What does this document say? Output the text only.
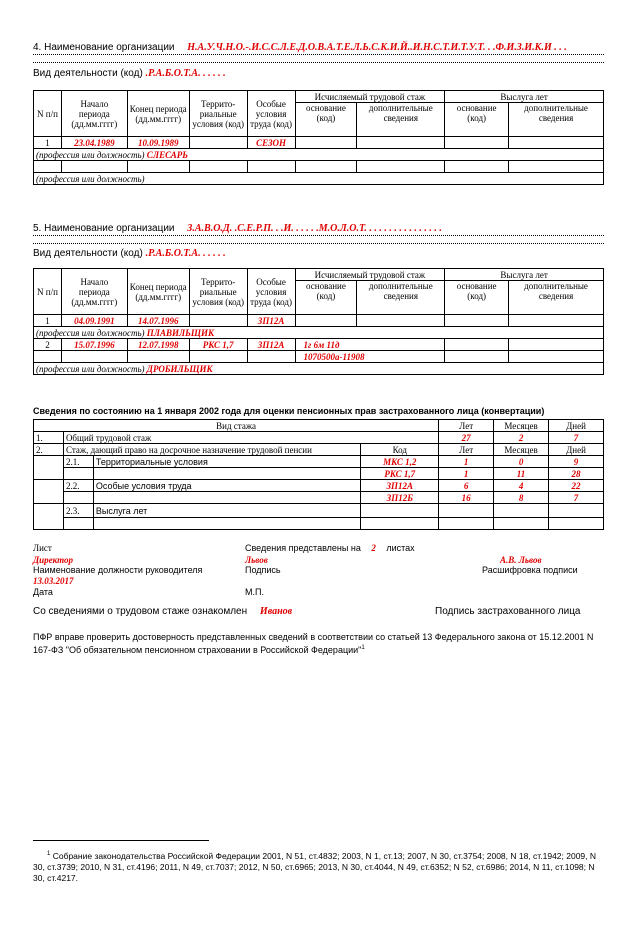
4. Наименование организации Н.А.У.Ч.Н.О.-.И.С.С.Л.Е.Д.О.В.А.Т.Е.Л.Ь.С.К.И.Й..И.Н.С.Т.И.Т.У.Т. . .Ф.И.З.И.К.И . . .
Вид деятельности (код) .Р.А.Б.О.Т.А. . . . . .
N п/п	Начало периода (дд.мм.гггг)	Конец периода (дд.мм.гггг)	Террито-риальные условия (код)	Особые условия труда (код)	Исчисляемый трудовой стаж		Выслуга лет	
					основание (код)	дополнительные сведения	основание (код)	дополнительные сведения
1	23.04.1989	10.09.1989		СЕЗОН				
(профессия или должность) СЛЕСАРЬ								

(профессия или должность)								
5. Наименование организации З.А.В.О.Д. .С.Е.Р.П. . .И. . . . . .М.О.Л.О.Т. . . . . . . . . . . . . . . .
Вид деятельности (код) .Р.А.Б.О.Т.А. . . . . .
N п/п	Начало периода (дд.мм.гггг)	Конец периода (дд.мм.гггг)	Террито-риальные условия (код)	Особые условия труда (код)	Исчисляемый трудовой стаж		Выслуга лет	
					основание (код)	дополнительные сведения	основание (код)	дополнительные сведения
1	04.09.1991	14.07.1996		ЗП12А				
(профессия или должность) ПЛАВИЛЬЩИК								
2	15.07.1996	12.07.1998	РКС 1,7	ЗП12А	1г 6м 11д			
					1070500а-11908			
(профессия или должность) ДРОБИЛЬЩИК								
Сведения по состоянию на 1 января 2002 года для оценки пенсионных прав застрахованного лица (конвертации)
Вид стажа				Лет	Месяцев	Дней
1.	Общий трудовой стаж			27	2	7
2.	Стаж, дающий право на досрочное назначение трудовой пенсии		Код	Лет	Месяцев	Дней
	2.1.	Территориальные условия	МКС 1,2	1	0	9
			РКС 1,7	1	11	28
	2.2.	Особые условия труда	ЗП12А	6	4	22
			ЗП12Б	16	8	7
	2.3.	Выслуга лет				

Лист	Сведения представлены на 2 листах
Директор	Львов	А.В. Львов
Наименование должности руководителя	Подпись	Расшифровка подписи
13.03.2017
Дата	М.П.
Со сведениями о трудовом стаже ознакомлен Иванов	Подпись застрахованного лица
ПФР вправе проверить достоверность представленных сведений в соответствии со статьей 13 Федерального закона от 15.12.2001 N 167-ФЗ "Об обязательном пенсионном страховании в Российской Федерации"$^1$
$^1$ Собрание законодательства Российской Федерации 2001, N 51, ст.4832; 2003, N 1, ст.13; 2007, N 30, ст.3754; 2008, N 18, ст.1942; 2009, N 30, ст.3739; 2010, N 31, ст.4196; 2011, N 49, ст.7037; 2012, N 50, ст.6965; 2013, N 30, ст.4044, N 49, ст.6352; N 52, ст.6986; 2014, N 11, ст.1098; N 30, ст.4217.
